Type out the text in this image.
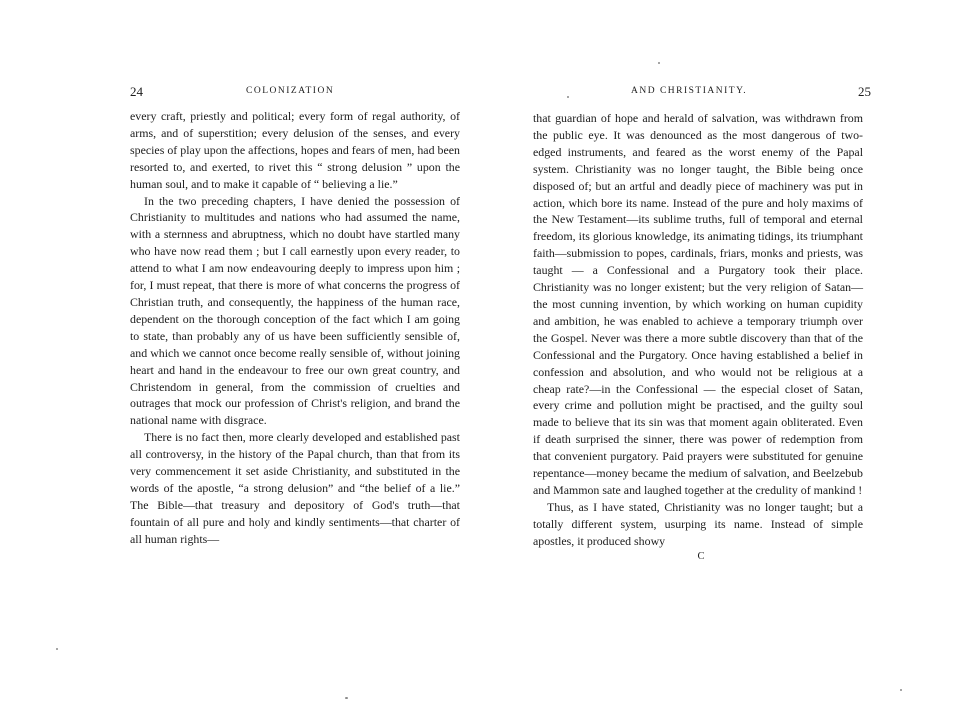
24	COLONIZATION

every craft, priestly and political; every form of regal authority, of arms, and of superstition; every delusion of the senses, and every species of play upon the affections, hopes and fears of men, had been resorted to, and exerted, to rivet this “ strong delusion ” upon the human soul, and to make it capable of “ believing a lie.”

In the two preceding chapters, I have denied the possession of Christianity to multitudes and nations who had assumed the name, with a sternness and abruptness, which no doubt have startled many who have now read them ; but I call earnestly upon every reader, to attend to what I am now endeavouring deeply to impress upon him ; for, I must repeat, that there is more of what concerns the progress of Christian truth, and consequently, the happiness of the human race, dependent on the thorough conception of the fact which I am going to state, than probably any of us have been sufficiently sensible of, and which we cannot once become really sensible of, without joining heart and hand in the endeavour to free our own great country, and Christendom in general, from the commission of cruelties and outrages that mock our profession of Christ's religion, and brand the national name with disgrace.

There is no fact then, more clearly developed and established past all controversy, in the history of the Papal church, than that from its very commencement it set aside Christianity, and substituted in the words of the apostle, “a strong delusion” and “the belief of a lie.” The Bible—that treasury and depository of God's truth—that fountain of all pure and holy and kindly sentiments—that charter of all human rights—

AND CHRISTIANITY.	25

that guardian of hope and herald of salvation, was withdrawn from the public eye. It was denounced as the most dangerous of two-edged instruments, and feared as the worst enemy of the Papal system. Christianity was no longer taught, the Bible being once disposed of; but an artful and deadly piece of machinery was put in action, which bore its name. Instead of the pure and holy maxims of the New Testament—its sublime truths, full of temporal and eternal freedom, its glorious knowledge, its animating tidings, its triumphant faith—submission to popes, cardinals, friars, monks and priests, was taught — a Confessional and a Purgatory took their place. Christianity was no longer existent; but the very religion of Satan—the most cunning invention, by which working on human cupidity and ambition, he was enabled to achieve a temporary triumph over the Gospel. Never was there a more subtle discovery than that of the Confessional and the Purgatory. Once having established a belief in confession and absolution, and who would not be religious at a cheap rate?—in the Confessional — the especial closet of Satan, every crime and pollution might be practised, and the guilty soul made to believe that its sin was that moment again obliterated. Even if death surprised the sinner, there was power of redemption from that convenient purgatory. Paid prayers were substituted for genuine repentance—money became the medium of salvation, and Beelzebub and Mammon sate and laughed together at the credulity of mankind !

Thus, as I have stated, Christianity was no longer taught; but a totally different system, usurping its name. Instead of simple apostles, it produced showy

C
